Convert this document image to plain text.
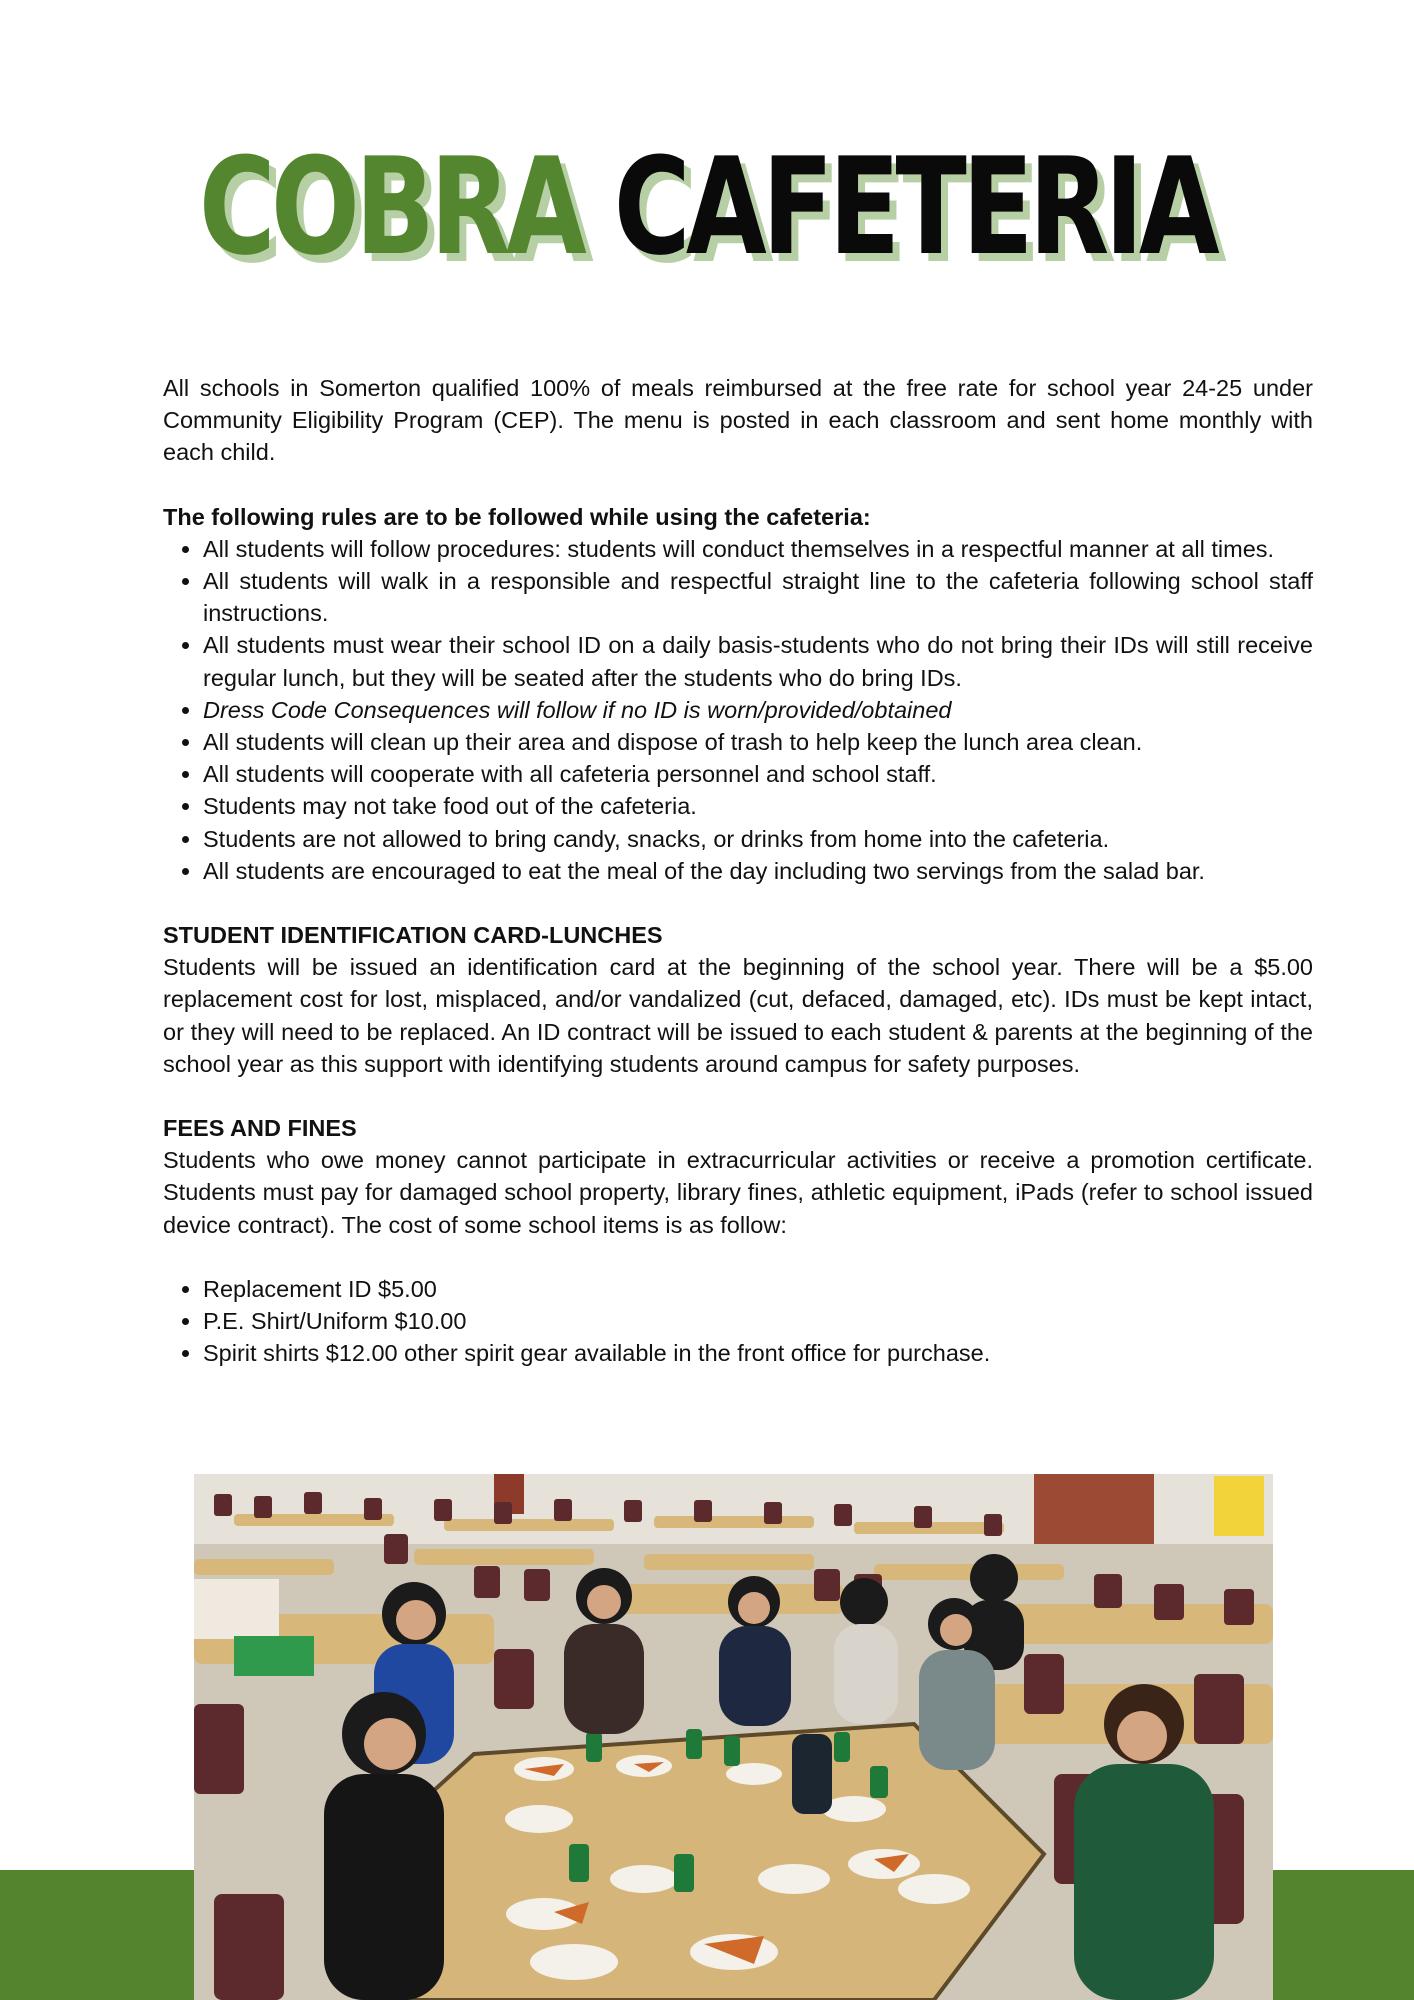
COBRA CAFETERIA

All schools in Somerton qualified 100% of meals reimbursed at the free rate for school year 24-25 under Community Eligibility Program (CEP). The menu is posted in each classroom and sent home monthly with each child.

The following rules are to be followed while using the cafeteria:
• All students will follow procedures: students will conduct themselves in a respectful manner at all times.
• All students will walk in a responsible and respectful straight line to the cafeteria following school staff instructions.
• All students must wear their school ID on a daily basis-students who do not bring their IDs will still receive regular lunch, but they will be seated after the students who do bring IDs.
• Dress Code Consequences will follow if no ID is worn/provided/obtained
• All students will clean up their area and dispose of trash to help keep the lunch area clean.
• All students will cooperate with all cafeteria personnel and school staff.
• Students may not take food out of the cafeteria.
• Students are not allowed to bring candy, snacks, or drinks from home into the cafeteria.
• All students are encouraged to eat the meal of the day including two servings from the salad bar.
STUDENT IDENTIFICATION CARD-LUNCHES

Students will be issued an identification card at the beginning of the school year. There will be a $5.00 replacement cost for lost, misplaced, and/or vandalized (cut, defaced, damaged, etc). IDs must be kept intact, or they will need to be replaced. An ID contract will be issued to each student & parents at the beginning of the school year as this support with identifying students around campus for safety purposes.

FEES AND FINES

Students who owe money cannot participate in extracurricular activities or receive a promotion certificate. Students must pay for damaged school property, library fines, athletic equipment, iPads (refer to school issued device contract). The cost of some school items is as follow:

• Replacement ID $5.00
• P.E. Shirt/Uniform $10.00
• Spirit shirts $12.00 other spirit gear available in the front office for purchase.
